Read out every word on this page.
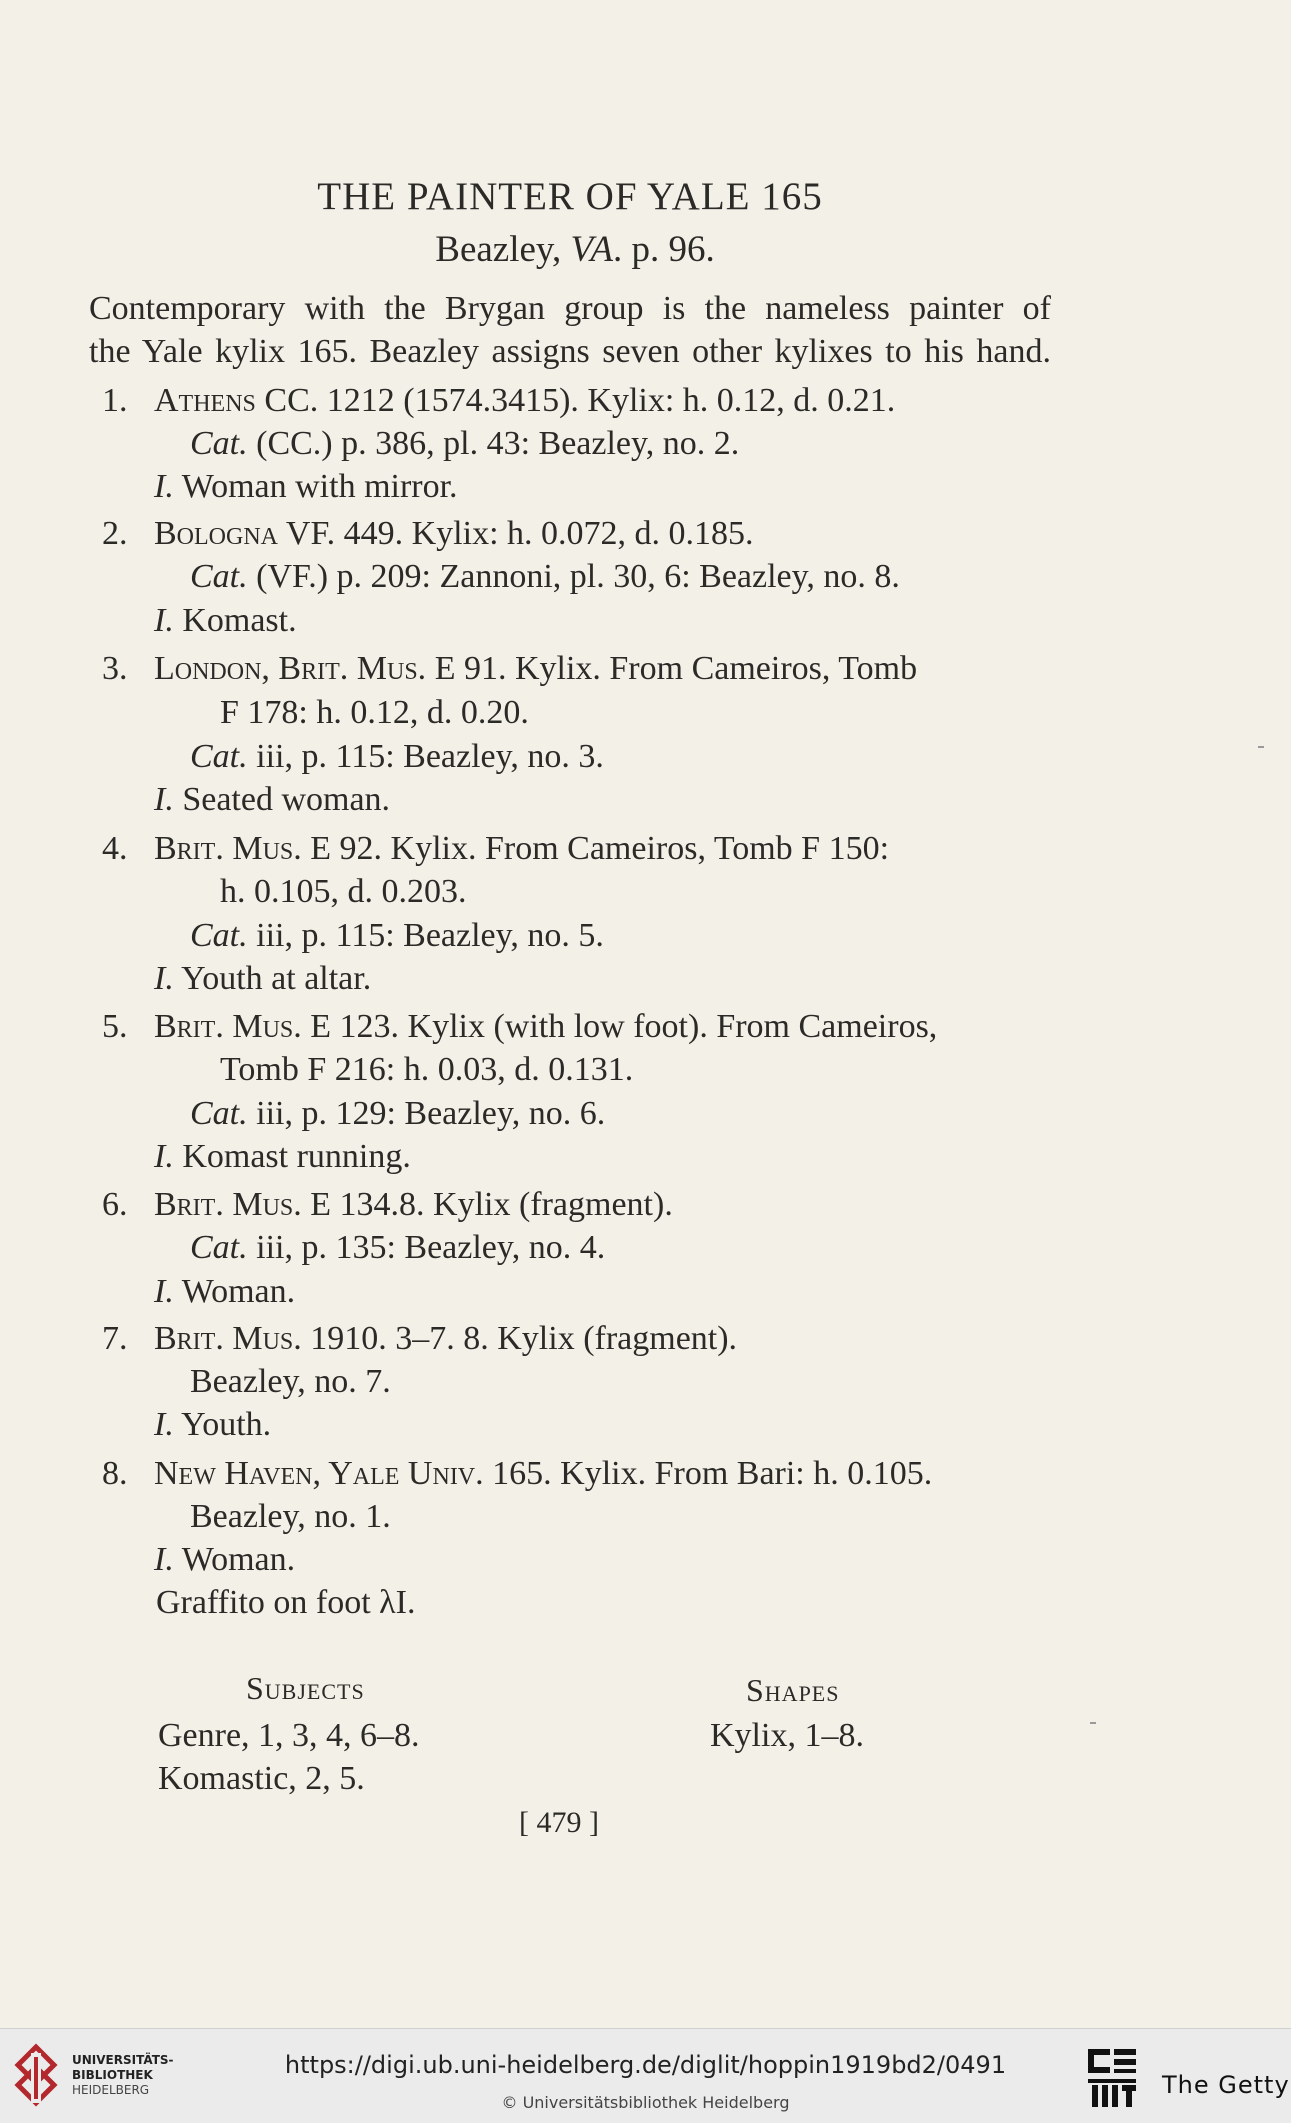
THE PAINTER OF YALE 165
Beazley, VA. p. 96.
Contemporary with the Brygan group is the nameless painter of
the Yale kylix 165. Beazley assigns seven other kylixes to his hand.
1. Athens CC. 1212 (1574.3415). Kylix: h. 0.12, d. 0.21.
Cat. (CC.) p. 386, pl. 43: Beazley, no. 2.
I. Woman with mirror.
2. Bologna VF. 449. Kylix: h. 0.072, d. 0.185.
Cat. (VF.) p. 209: Zannoni, pl. 30, 6: Beazley, no. 8.
I. Komast.
3. London, Brit. Mus. E 91. Kylix. From Cameiros, Tomb
F 178: h. 0.12, d. 0.20.
Cat. iii, p. 115: Beazley, no. 3.
I. Seated woman.
4. Brit. Mus. E 92. Kylix. From Cameiros, Tomb F 150:
h. 0.105, d. 0.203.
Cat. iii, p. 115: Beazley, no. 5.
I. Youth at altar.
5. Brit. Mus. E 123. Kylix (with low foot). From Cameiros,
Tomb F 216: h. 0.03, d. 0.131.
Cat. iii, p. 129: Beazley, no. 6.
I. Komast running.
6. Brit. Mus. E 134.8. Kylix (fragment).
Cat. iii, p. 135: Beazley, no. 4.
I. Woman.
7. Brit. Mus. 1910. 3–7. 8. Kylix (fragment).
Beazley, no. 7.
I. Youth.
8. New Haven, Yale Univ. 165. Kylix. From Bari: h. 0.105.
Beazley, no. 1.
I. Woman.
Graffito on foot λI.
Subjects	Shapes
Genre, 1, 3, 4, 6–8.
Komastic, 2, 5.
Kylix, 1–8.
[ 479 ]
UNIVERSITÄTS-
BIBLIOTHEK
HEIDELBERG
https://digi.ub.uni-heidelberg.de/diglit/hoppin1919bd2/0491
© Universitätsbibliothek Heidelberg
The Getty
